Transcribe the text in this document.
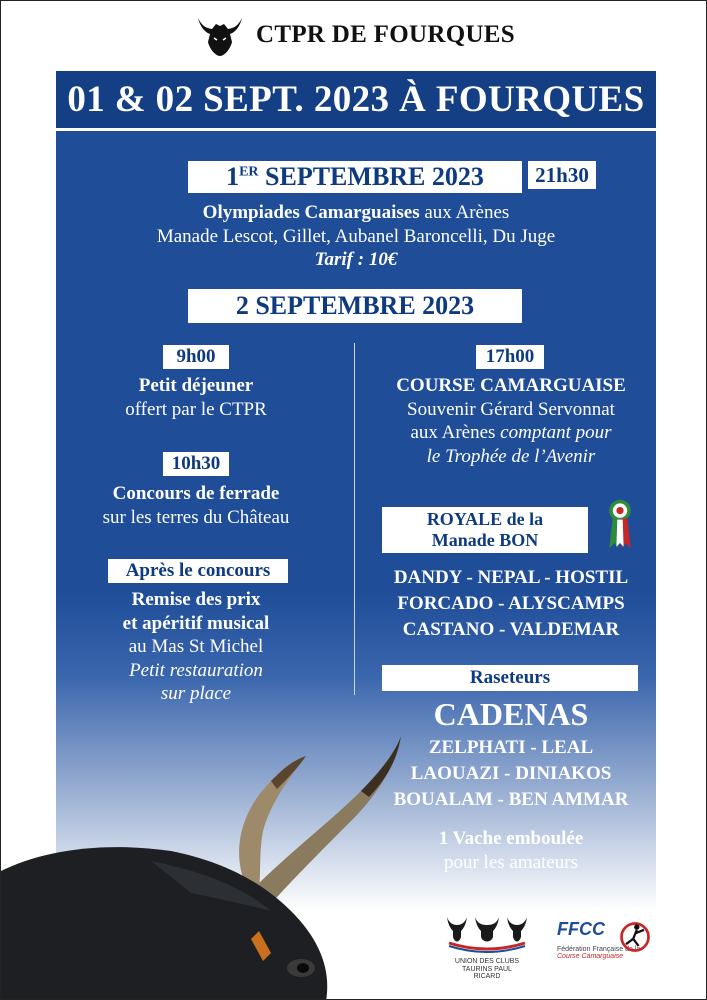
CTPR DE FOURQUES
01 & 02 SEPT. 2023 À FOURQUES
1ER SEPTEMBRE 2023 21h30
Olympiades Camarguaises aux Arènes
Manade Lescot, Gillet, Aubanel Baroncelli, Du Juge
Tarif : 10€
2 SEPTEMBRE 2023
9h00
Petit déjeuner
offert par le CTPR
10h30
Concours de ferrade
sur les terres du Château
Après le concours
Remise des prix
et apéritif musical
au Mas St Michel
Petit restauration
sur place
17h00
COURSE CAMARGUAISE
Souvenir Gérard Servonnat
aux Arènes comptant pour
le Trophée de l’Avenir
ROYALE de la
Manade BON
DANDY - NEPAL - HOSTIL
FORCADO - ALYSCAMPS
CASTANO - VALDEMAR
Raseteurs
CADENAS
ZELPHATI - LEAL
LAOUAZI - DINIAKOS
BOUALAM - BEN AMMAR
1 Vache emboulée
pour les amateurs
UNION DES CLUBS TAURINS PAUL RICARD
FFCC
Fédération Française de la
Course Camarguaise
